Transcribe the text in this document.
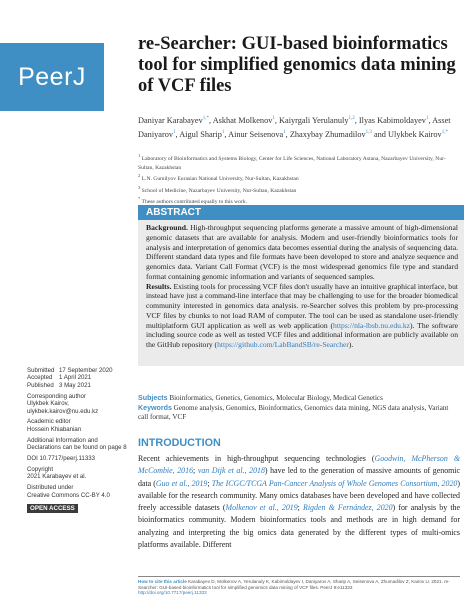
PeerJ
re-Searcher: GUI-based bioinformatics tool for simplified genomics data mining of VCF files
Daniyar Karabayev$^{1,*}$, Askhat Molkenov$^1$, Kaiyrgali Yerulanuly$^{1,2}$, Ilyas Kabimoldayev$^1$, Asset Daniyarov$^1$, Aigul Sharip$^1$, Ainur Seisenova$^1$, Zhaxybay Zhumadilov$^{1,3}$ and Ulykbek Kairov$^{1,*}$
$^1$ Laboratory of Bioinformatics and Systems Biology, Center for Life Sciences, National Laboratory Astana, Nazarbayev University, Nur-Sultan, Kazakhstan
$^2$ L.N. Gumilyov Eurasian National University, Nur-Sultan, Kazakhstan
$^3$ School of Medicine, Nazarbayev University, Nur-Sultan, Kazakhstan
* These authors contributed equally to this work.
ABSTRACT

Background. High-throughput sequencing platforms generate a massive amount of high-dimensional genomic datasets that are available for analysis. Modern and user-friendly bioinformatics tools for analysis and interpretation of genomics data becomes essential during the analysis of sequencing data. Different standard data types and file formats have been developed to store and analyze sequence and genomics data. Variant Call Format (VCF) is the most widespread genomics file type and standard format containing genomic information and variants of sequenced samples.

Results. Existing tools for processing VCF files don't usually have an intuitive graphical interface, but instead have just a command-line interface that may be challenging to use for the broader biomedical community interested in genomics data analysis. re-Searcher solves this problem by pre-processing VCF files by chunks to not load RAM of computer. The tool can be used as standalone user-friendly multiplatform GUI application as well as web application (https://nla-lbsb.nu.edu.kz). The software including source code as well as tested VCF files and additional information are publicly available on the GitHub repository (https://github.com/LabBandSB/re-Searcher).

Submitted 17 September 2020
Accepted 1 April 2021
Published 3 May 2021
Corresponding author
Ulykbek Kairov,
ulykbek.kairov@nu.edu.kz
Academic editor
Hossein Khiabanian
Additional Information and Declarations can be found on page 8
DOI 10.7717/peerj.11333
Copyright
2021 Karabayev et al.
Distributed under
Creative Commons CC-BY 4.0
OPEN ACCESS
Subjects Bioinformatics, Genetics, Genomics, Molecular Biology, Medical Genetics
Keywords Genome analysis, Genomics, Bioinformatics, Genomics data mining, NGS data analysis, Variant call format, VCF
INTRODUCTION
Recent achievements in high-throughput sequencing technologies (Goodwin, McPherson & McCombie, 2016; van Dijk et al., 2018) have led to the generation of massive amounts of genomic data (Guo et al., 2019; The ICGC/TCGA Pan-Cancer Analysis of Whole Genomes Consortium, 2020) available for the research community. Many omics databases have been developed and have collected freely accessible datasets (Molkenov et al., 2019; Rigden & Fernández, 2020) for analysis by the bioinformatics community. Modern bioinformatics tools and methods are in high demand for analyzing and interpreting the big omics data generated by the different types of multi-omics platforms available. Different
How to cite this article Karabayev D, Molkenov A, Yerulanuly K, Kabimoldayev I, Daniyarov A, Sharip A, Seisenova A, Zhumadilov Z, Kairov U. 2021. re-Searcher: GUI-based bioinformatics tool for simplified genomics data mining of VCF files. PeerJ 9:e11333
http://doi.org/10.7717/peerj.11333
